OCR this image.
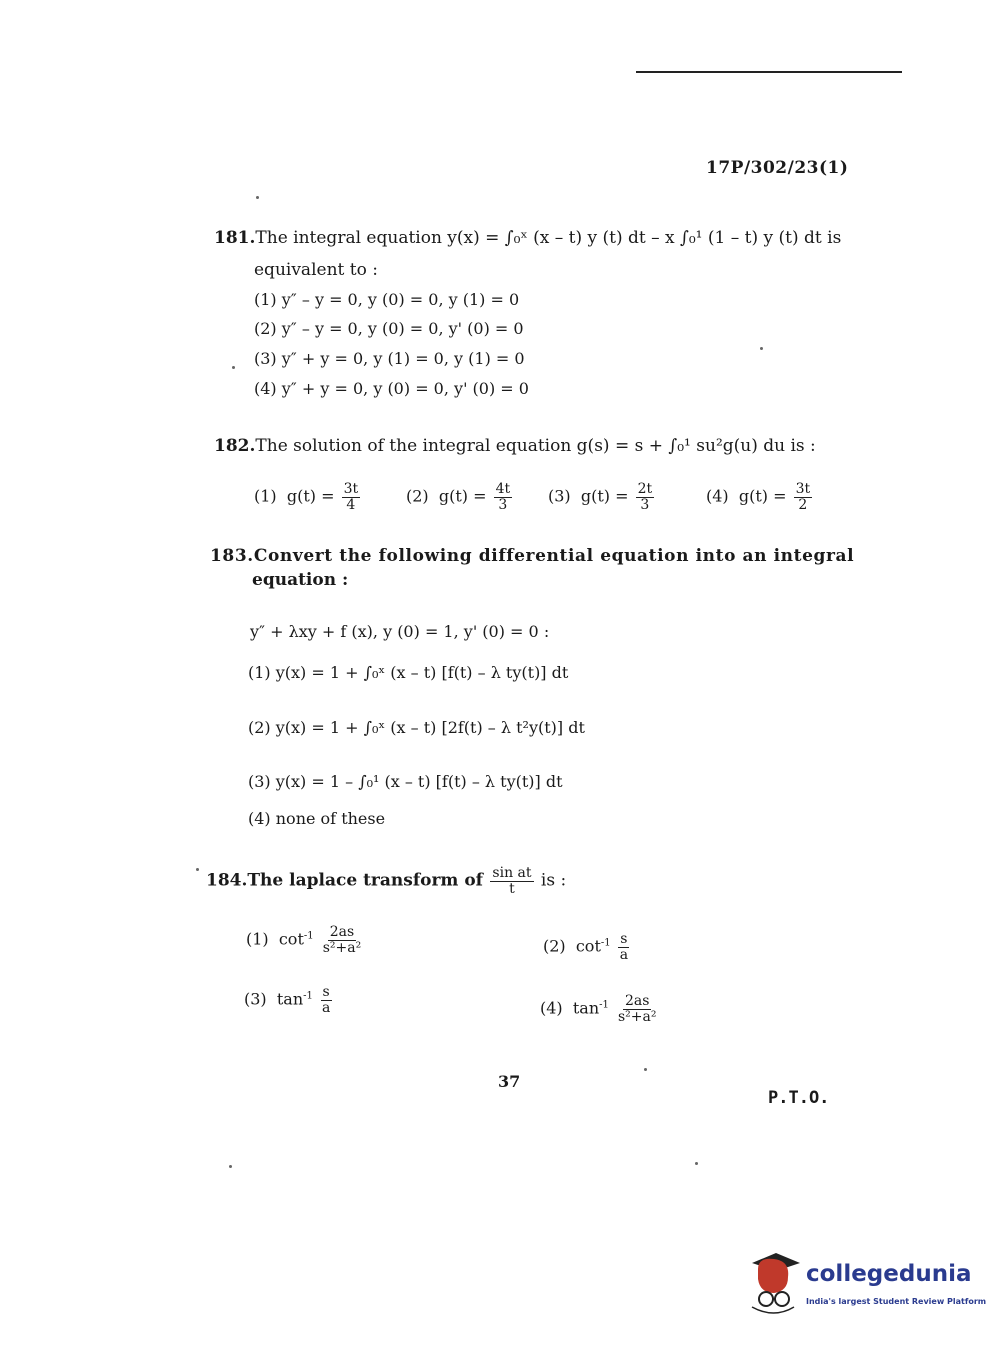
17P/302/23(1)
181.The integral equation y(x) = ∫₀ˣ (x – t) y (t) dt – x ∫₀¹ (1 – t) y (t) dt is
equivalent to :
(1) y″ – y = 0, y (0) = 0, y (1) = 0
(2) y″ – y = 0, y (0) = 0, y' (0) = 0
(3) y″ + y = 0, y (1) = 0, y (1) = 0
(4) y″ + y = 0, y (0) = 0, y' (0) = 0
182.The solution of the integral equation g(s) = s + ∫₀¹ su²g(u) du is :
(1) $g(t) = \frac{3t}{4}$	(2) $g(t) = \frac{4t}{3} (3) g(t) = \frac{2t}{3}$	(4) $g(t) = \frac{3t}{2}$
183.Convert the following differential equation into an integral
equation :
y″ + λxy + f (x), y (0) = 1, y' (0) = 0 :
(1) y(x) = 1 + ∫₀ˣ (x – t) [f(t) – λ ty(t)] dt
(2) y(x) = 1 + ∫₀ˣ (x – t) [2f(t) – λ t²y(t)] dt
(3) y(x) = 1 – ∫₀¹ (x – t) [f(t) – λ ty(t)] dt
(4) none of these
184.The laplace transform of $\frac{\text{sin at}}{t}$ is :
(1) $\cot^{-1} \frac{2as}{\text{s²+a²}}$	(2) $\cot^{-1} \frac{s}{a}$
(3) $\tan^{-1} \frac{s}{a}$	(4) $\tan^{-1} \frac{2as}{\text{s²+a²}}$
37
P.T.O.
collegedunia
India's largest Student Review Platform
